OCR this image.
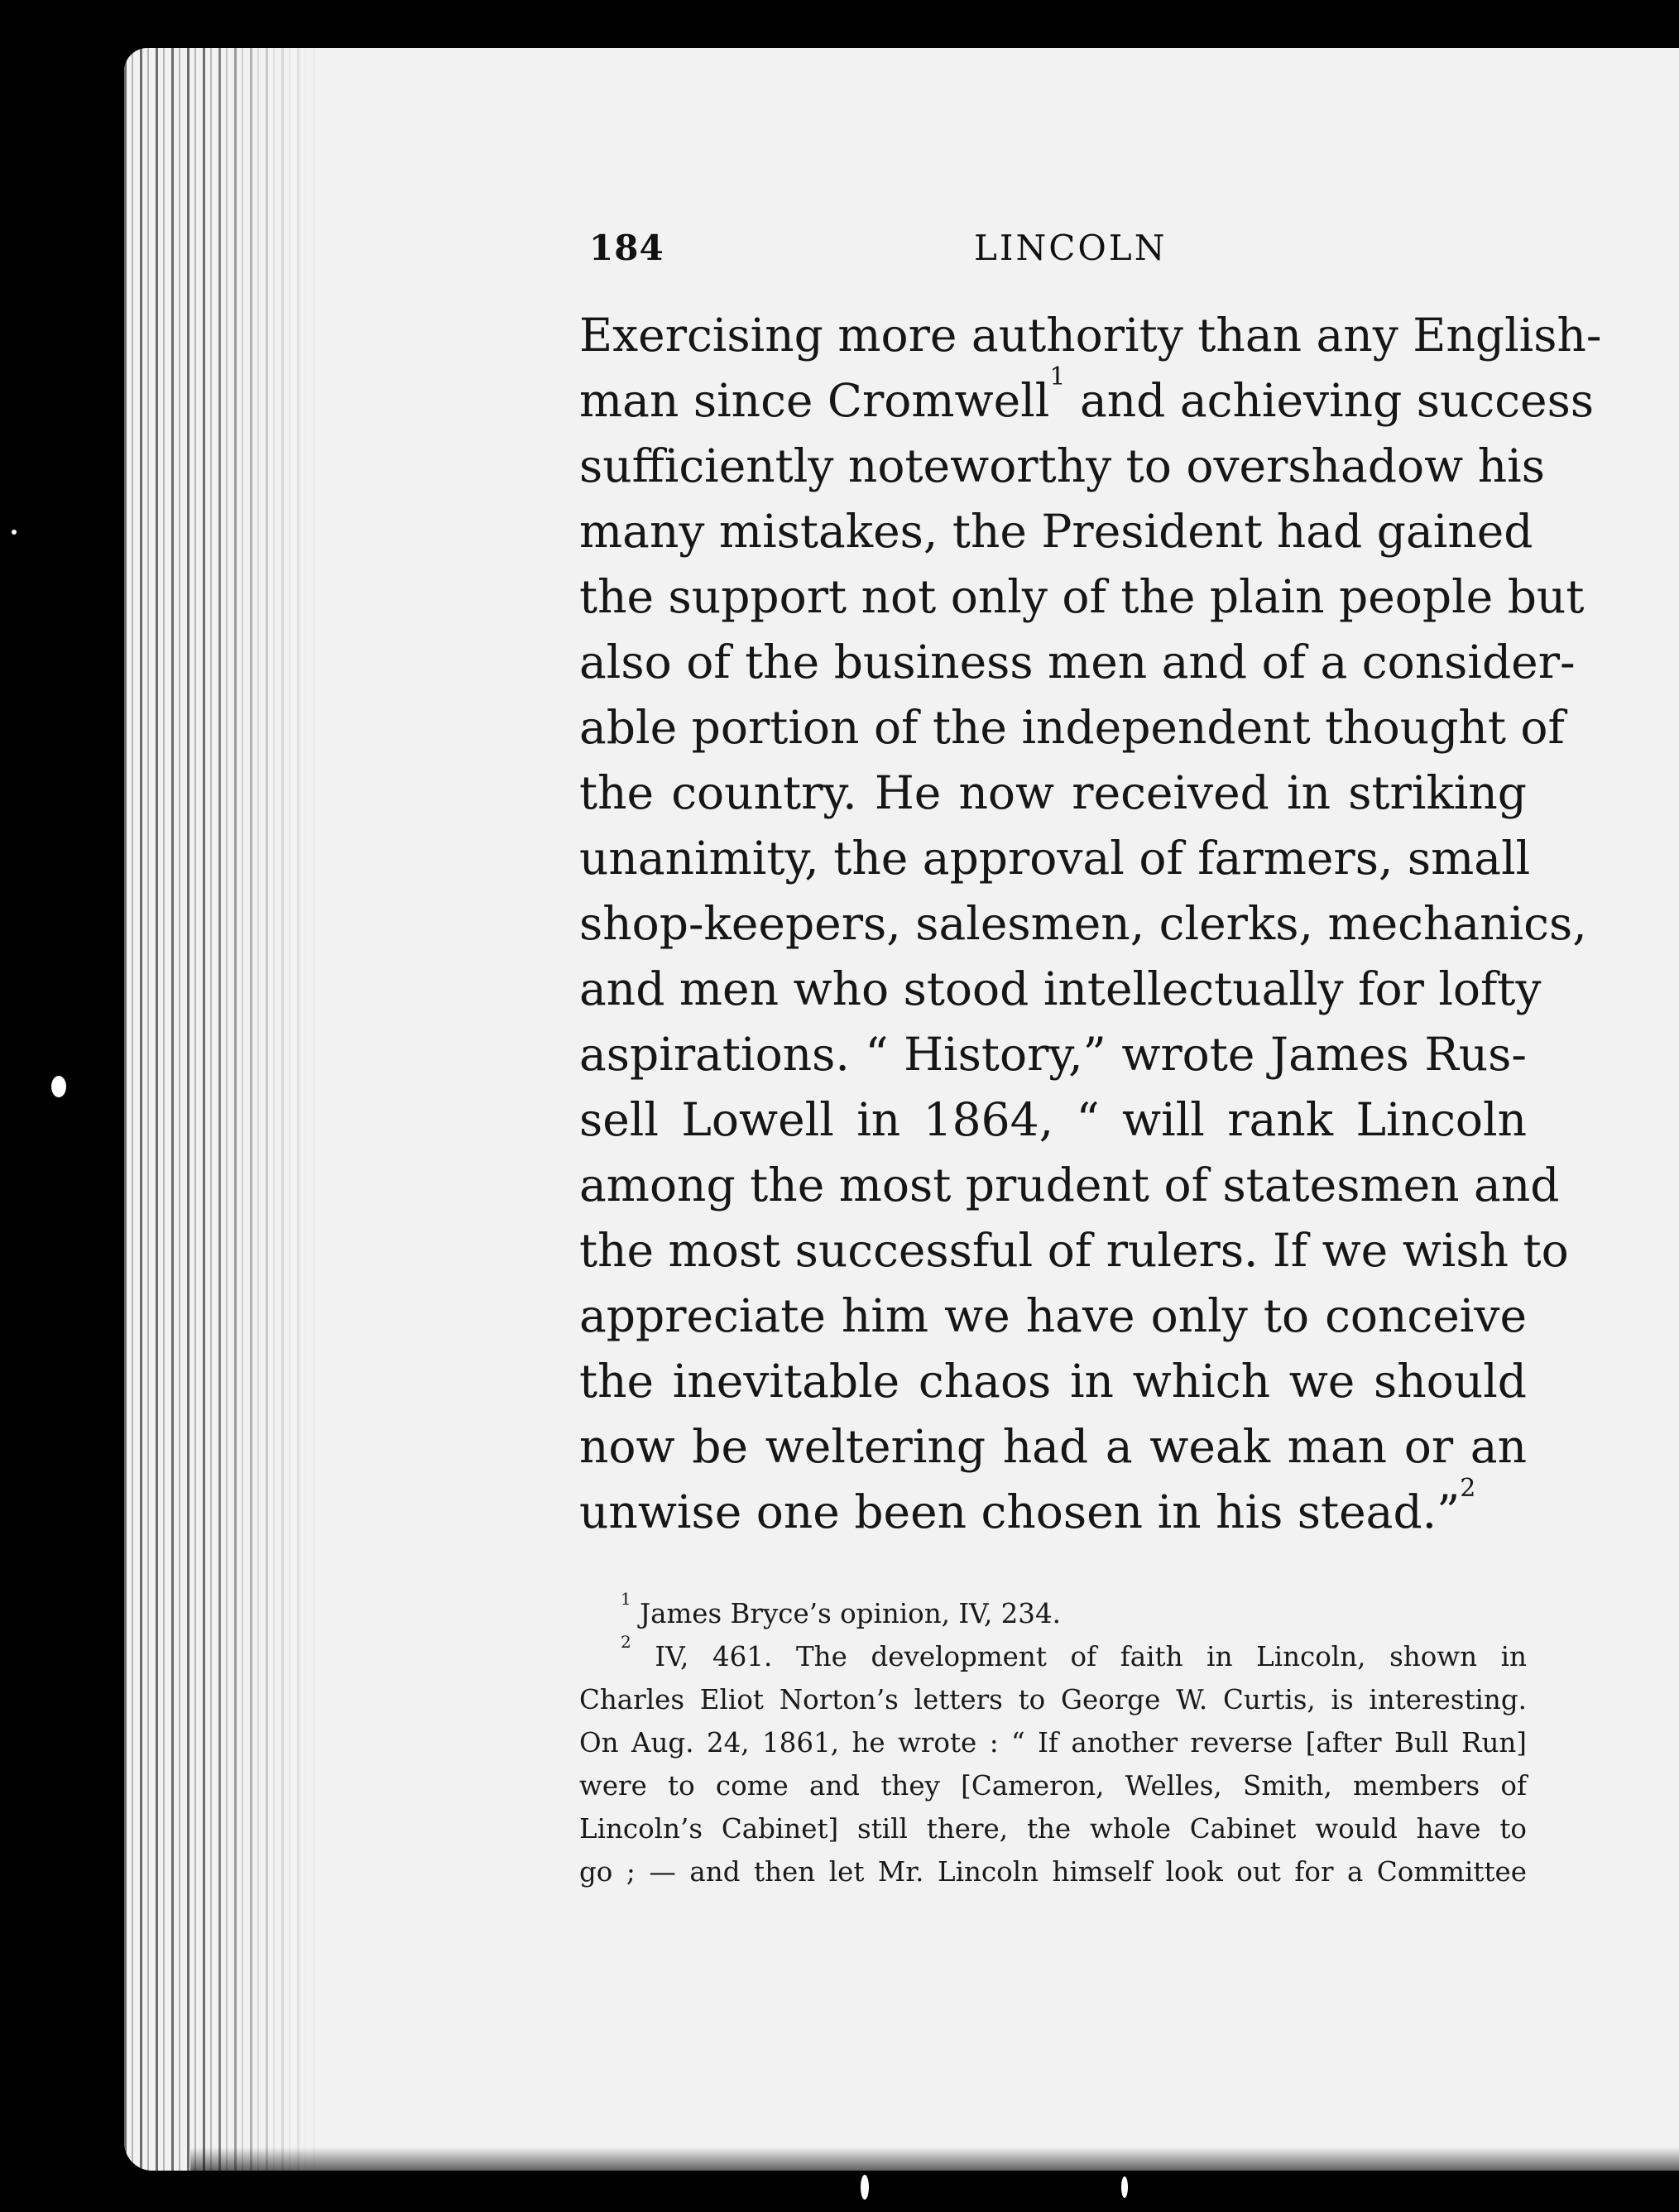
184	LINCOLN
Exercising more authority than any English-
man since Cromwell$^1$ and achieving success
sufficiently noteworthy to overshadow his
many mistakes, the President had gained
the support not only of the plain people but
also of the business men and of a consider-
able portion of the independent thought of
the country. He now received in striking
unanimity, the approval of farmers, small
shop-keepers, salesmen, clerks, mechanics,
and men who stood intellectually for lofty
aspirations. “ History,” wrote James Rus-
sell Lowell in 1864, “ will rank Lincoln
among the most prudent of statesmen and
the most successful of rulers. If we wish to
appreciate him we have only to conceive
the inevitable chaos in which we should
now be weltering had a weak man or an
unwise one been chosen in his stead.”$^2$
$^1$ James Bryce’s opinion, IV, 234.
$^2$ IV, 461. The development of faith in Lincoln, shown in
Charles Eliot Norton’s letters to George W. Curtis, is interesting.
On Aug. 24, 1861, he wrote : “ If another reverse [after Bull Run]
were to come and they [Cameron, Welles, Smith, members of
Lincoln’s Cabinet] still there, the whole Cabinet would have to
go ; — and then let Mr. Lincoln himself look out for a Committee
